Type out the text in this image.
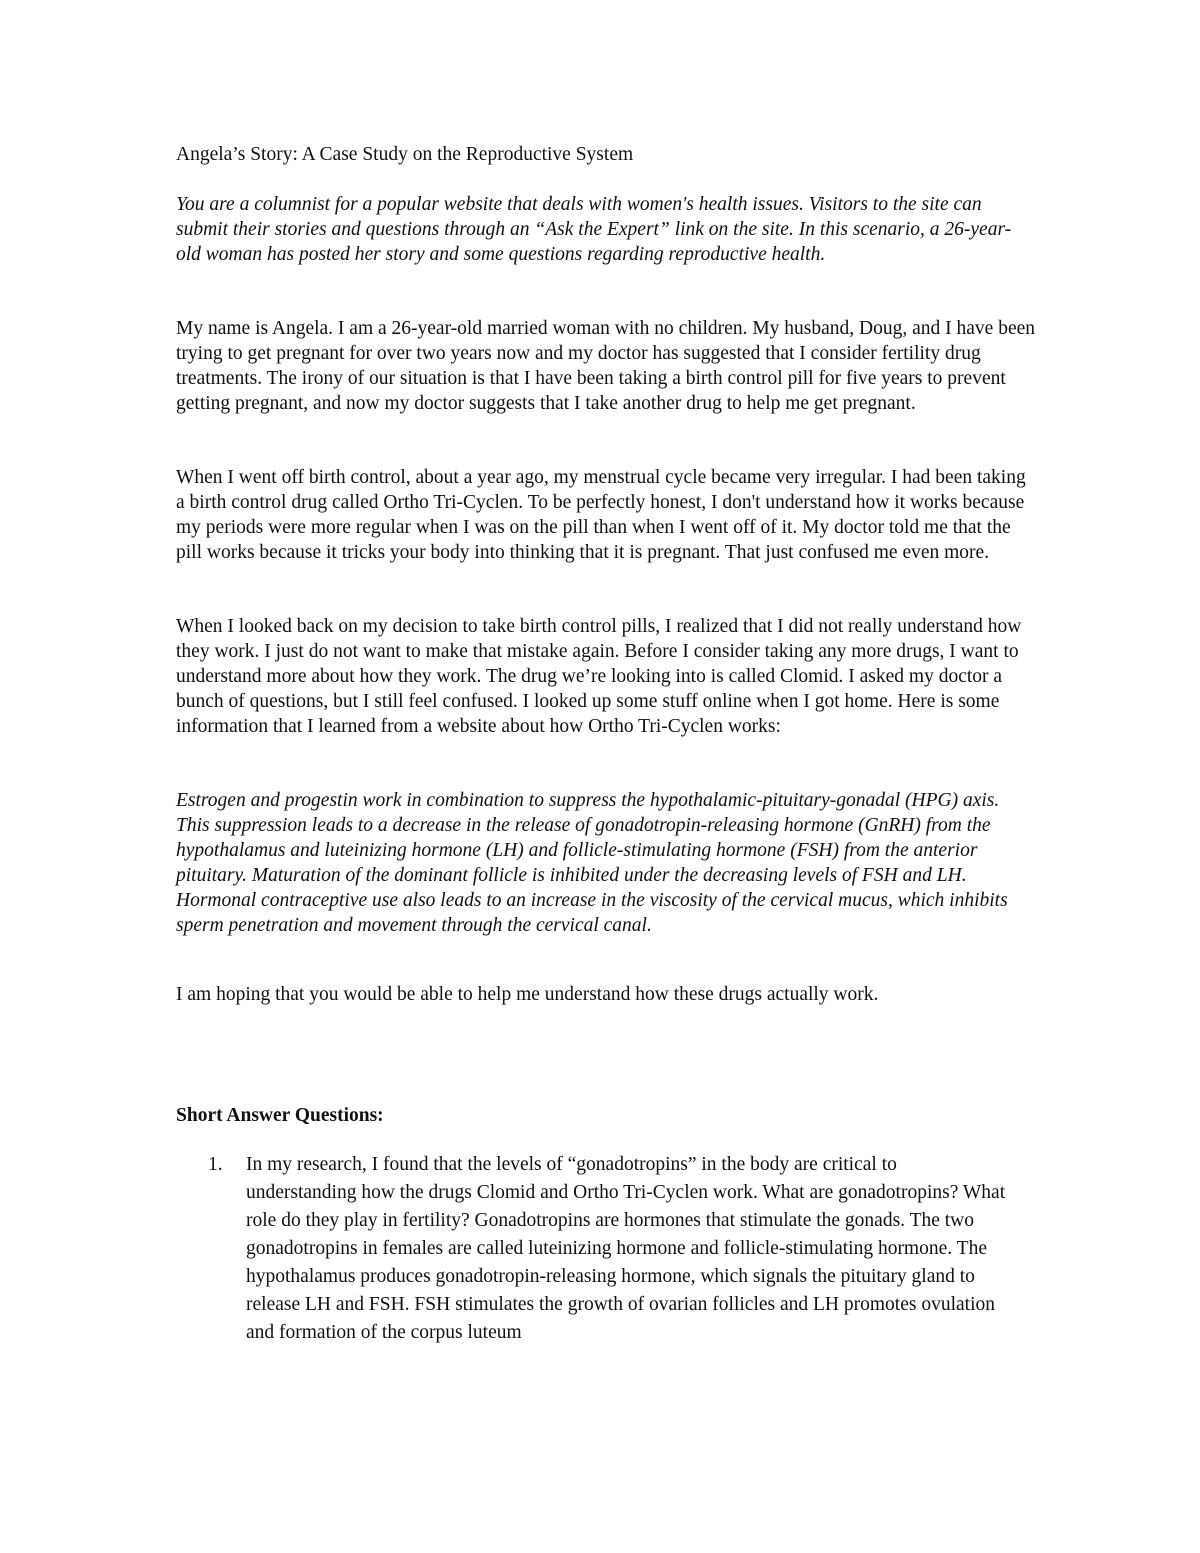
Angela’s Story: A Case Study on the Reproductive System

You are a columnist for a popular website that deals with women's health issues. Visitors to the site can submit their stories and questions through an “Ask the Expert” link on the site. In this scenario, a 26-year-old woman has posted her story and some questions regarding reproductive health.

My name is Angela. I am a 26-year-old married woman with no children. My husband, Doug, and I have been trying to get pregnant for over two years now and my doctor has suggested that I consider fertility drug treatments. The irony of our situation is that I have been taking a birth control pill for five years to prevent getting pregnant, and now my doctor suggests that I take another drug to help me get pregnant.

When I went off birth control, about a year ago, my menstrual cycle became very irregular. I had been taking a birth control drug called Ortho Tri-Cyclen. To be perfectly honest, I don't understand how it works because my periods were more regular when I was on the pill than when I went off of it. My doctor told me that the pill works because it tricks your body into thinking that it is pregnant. That just confused me even more.

When I looked back on my decision to take birth control pills, I realized that I did not really understand how they work. I just do not want to make that mistake again. Before I consider taking any more drugs, I want to understand more about how they work. The drug we’re looking into is called Clomid. I asked my doctor a bunch of questions, but I still feel confused. I looked up some stuff online when I got home. Here is some information that I learned from a website about how Ortho Tri-Cyclen works:

Estrogen and progestin work in combination to suppress the hypothalamic-pituitary-gonadal (HPG) axis. This suppression leads to a decrease in the release of gonadotropin-releasing hormone (GnRH) from the hypothalamus and luteinizing hormone (LH) and follicle-stimulating hormone (FSH) from the anterior pituitary. Maturation of the dominant follicle is inhibited under the decreasing levels of FSH and LH. Hormonal contraceptive use also leads to an increase in the viscosity of the cervical mucus, which inhibits sperm penetration and movement through the cervical canal.

I am hoping that you would be able to help me understand how these drugs actually work.

Short Answer Questions:

1. In my research, I found that the levels of “gonadotropins” in the body are critical to understanding how the drugs Clomid and Ortho Tri-Cyclen work. What are gonadotropins? What role do they play in fertility? Gonadotropins are hormones that stimulate the gonads. The two gonadotropins in females are called luteinizing hormone and follicle-stimulating hormone. The hypothalamus produces gonadotropin-releasing hormone, which signals the pituitary gland to release LH and FSH. FSH stimulates the growth of ovarian follicles and LH promotes ovulation and formation of the corpus luteum
